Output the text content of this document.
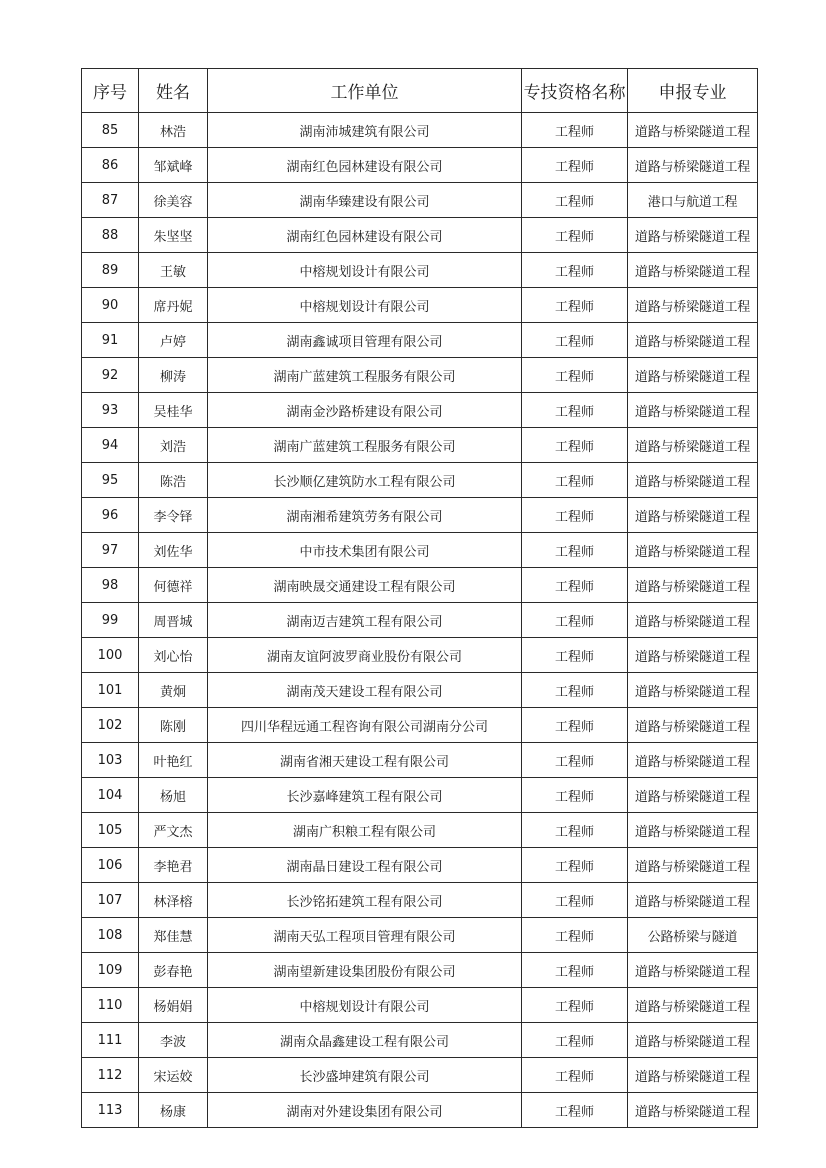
序号	姓名	工作单位	专技资格名称	申报专业
85	林浩	湖南沛城建筑有限公司	工程师	道路与桥梁隧道工程
86	邹斌峰	湖南红色园林建设有限公司	工程师	道路与桥梁隧道工程
87	徐美容	湖南华臻建设有限公司	工程师	港口与航道工程
88	朱坚坚	湖南红色园林建设有限公司	工程师	道路与桥梁隧道工程
89	王敏	中榕规划设计有限公司	工程师	道路与桥梁隧道工程
90	席丹妮	中榕规划设计有限公司	工程师	道路与桥梁隧道工程
91	卢婷	湖南鑫诚项目管理有限公司	工程师	道路与桥梁隧道工程
92	柳涛	湖南广蓝建筑工程服务有限公司	工程师	道路与桥梁隧道工程
93	吴桂华	湖南金沙路桥建设有限公司	工程师	道路与桥梁隧道工程
94	刘浩	湖南广蓝建筑工程服务有限公司	工程师	道路与桥梁隧道工程
95	陈浩	长沙顺亿建筑防水工程有限公司	工程师	道路与桥梁隧道工程
96	李令铎	湖南湘希建筑劳务有限公司	工程师	道路与桥梁隧道工程
97	刘佐华	中市技术集团有限公司	工程师	道路与桥梁隧道工程
98	何德祥	湖南映晟交通建设工程有限公司	工程师	道路与桥梁隧道工程
99	周晋城	湖南迈吉建筑工程有限公司	工程师	道路与桥梁隧道工程
100	刘心怡	湖南友谊阿波罗商业股份有限公司	工程师	道路与桥梁隧道工程
101	黄炯	湖南茂天建设工程有限公司	工程师	道路与桥梁隧道工程
102	陈刚	四川华程远通工程咨询有限公司湖南分公司	工程师	道路与桥梁隧道工程
103	叶艳红	湖南省湘天建设工程有限公司	工程师	道路与桥梁隧道工程
104	杨旭	长沙嘉峰建筑工程有限公司	工程师	道路与桥梁隧道工程
105	严文杰	湖南广积粮工程有限公司	工程师	道路与桥梁隧道工程
106	李艳君	湖南晶日建设工程有限公司	工程师	道路与桥梁隧道工程
107	林泽榕	长沙铭拓建筑工程有限公司	工程师	道路与桥梁隧道工程
108	郑佳慧	湖南天弘工程项目管理有限公司	工程师	公路桥梁与隧道
109	彭春艳	湖南望新建设集团股份有限公司	工程师	道路与桥梁隧道工程
110	杨娟娟	中榕规划设计有限公司	工程师	道路与桥梁隧道工程
111	李波	湖南众晶鑫建设工程有限公司	工程师	道路与桥梁隧道工程
112	宋运姣	长沙盛坤建筑有限公司	工程师	道路与桥梁隧道工程
113	杨康	湖南对外建设集团有限公司	工程师	道路与桥梁隧道工程
